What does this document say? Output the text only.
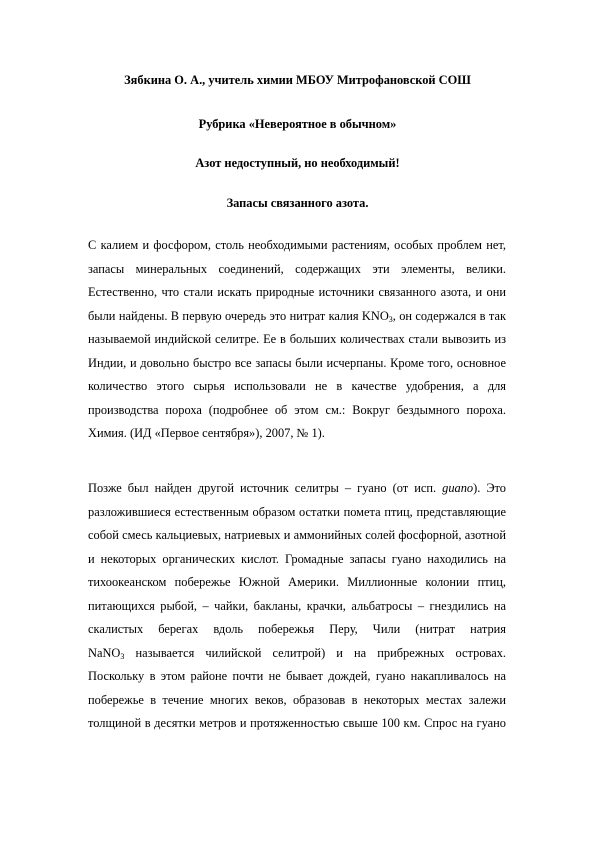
Зябкина О. А., учитель химии МБОУ Митрофановской СОШ

Рубрика «Невероятное в обычном»

Азот недоступный, но необходимый!

Запасы связанного азота.

С калием и фосфором, столь необходимыми растениям, особых проблем нет,
запасы минеральных соединений, содержащих эти элементы, велики.
Естественно, что стали искать природные источники связанного азота, и они
были найдены. В первую очередь это нитрат калия $KNO_3$, он содержался в так
называемой индийской селитре. Ее в больших количествах стали вывозить из
Индии, и довольно быстро все запасы были исчерпаны. Кроме того, основное
количество этого сырья использовали не в качестве удобрения, а для
производства пороха (подробнее об этом см.: Вокруг бездымного пороха.
Химия. (ИД «Первое сентября»), 2007, № 1).
Позже был найден другой источник селитры – гуано (от исп. guano). Это
разложившиеся естественным образом остатки помета птиц, представляющие
собой смесь кальциевых, натриевых и аммонийных солей фосфорной, азотной
и некоторых органических кислот. Громадные запасы гуано находились на
тихоокеанском побережье Южной Америки. Миллионные колонии птиц,
питающихся рыбой, – чайки, бакланы, крачки, альбатросы – гнездились на
скалистых берегах вдоль побережья Перу, Чили (нитрат натрия
NaNO$_3$ называется чилийской селитрой) и на прибрежных островах.
Поскольку в этом районе почти не бывает дождей, гуано накапливалось на
побережье в течение многих веков, образовав в некоторых местах залежи
толщиной в десятки метров и протяженностью свыше 100 км. Спрос на гуано
